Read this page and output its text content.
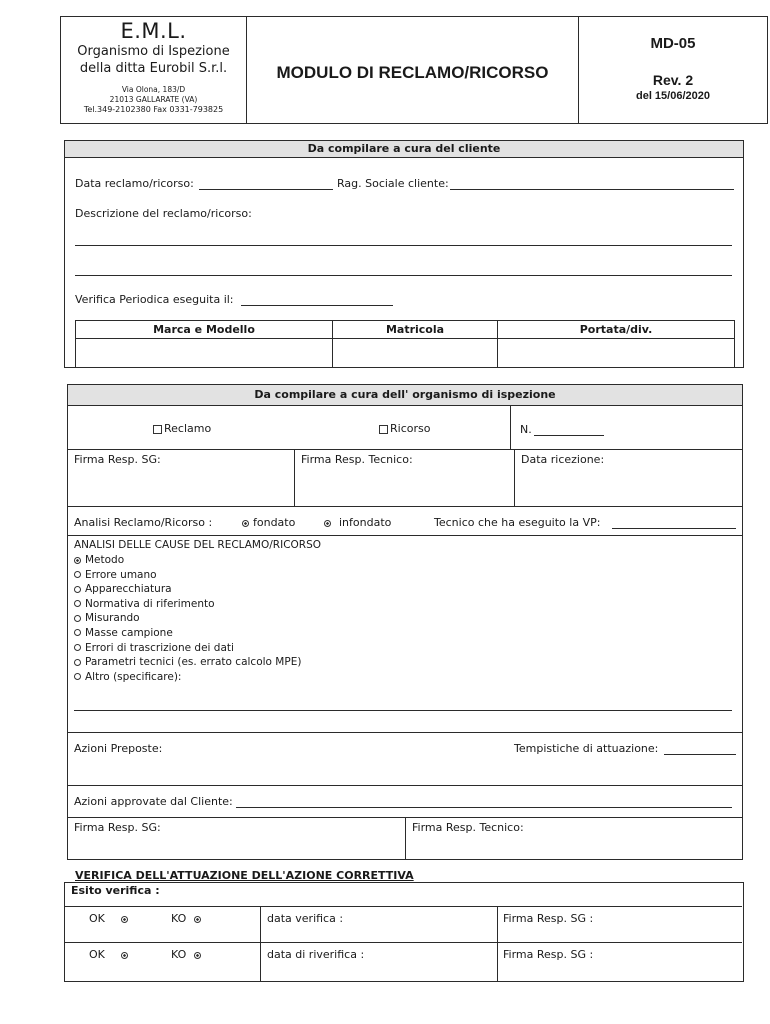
E.M.L.
Organismo di Ispezione
della ditta Eurobil S.r.l.
Via Olona, 183/D
21013 GALLARATE (VA)
Tel.349-2102380 Fax 0331-793825
MODULO DI RECLAMO/RICORSO
MD-05
Rev. 2
del 15/06/2020
Da compilare a cura del cliente
Data reclamo/ricorso:	Rag. Sociale cliente:
Descrizione del reclamo/ricorso:
Verifica Periodica eseguita il:
Marca e Modello	Matricola	Portata/div.
Da compilare a cura dell' organismo di ispezione
Reclamo	Ricorso	N.
Firma Resp. SG:	Firma Resp. Tecnico:	Data ricezione:
Analisi Reclamo/Ricorso :	fondato	infondato	Tecnico che ha eseguito la VP:
ANALISI DELLE CAUSE DEL RECLAMO/RICORSO
Metodo
Errore umano
Apparecchiatura
Normativa di riferimento
Misurando
Masse campione
Errori di trascrizione dei dati
Parametri tecnici (es. errato calcolo MPE)
Altro (specificare):
Azioni Preposte:	Tempistiche di attuazione:
Azioni approvate dal Cliente:
Firma Resp. SG:	Firma Resp. Tecnico:
VERIFICA DELL'ATTUAZIONE DELL'AZIONE CORRETTIVA
Esito verifica :
OK	KO	data verifica :	Firma Resp. SG :
OK	KO	data di riverifica :	Firma Resp. SG :
